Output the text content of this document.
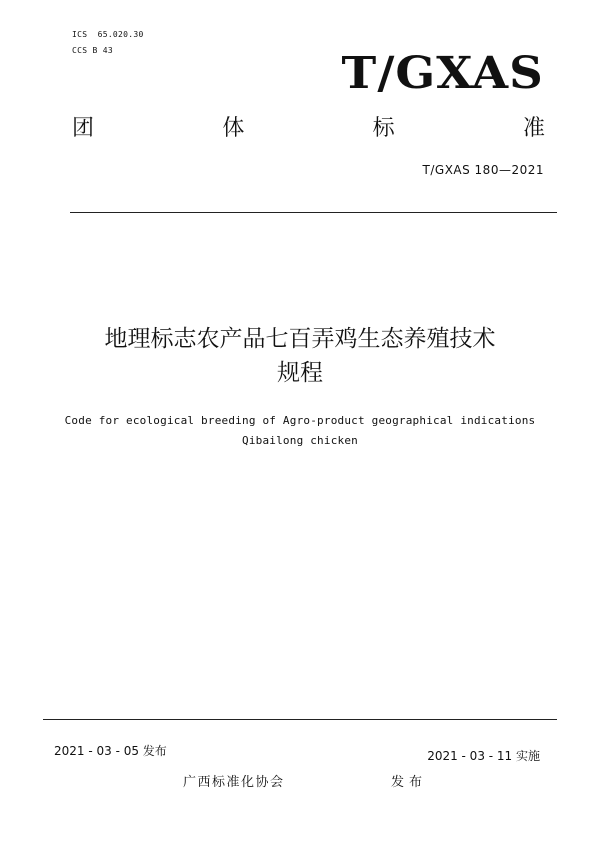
ICS  65.020.30
CCS B 43	T/GXAS
团	体	标	准
T/GXAS 180—2021
地理标志农产品七百弄鸡生态养殖技术
规程
Code for ecological breeding of Agro-product geographical indications
Qibailong chicken
2021 - 03 - 05 发布	2021 - 03 - 11 实施
广西标准化协会	发布
